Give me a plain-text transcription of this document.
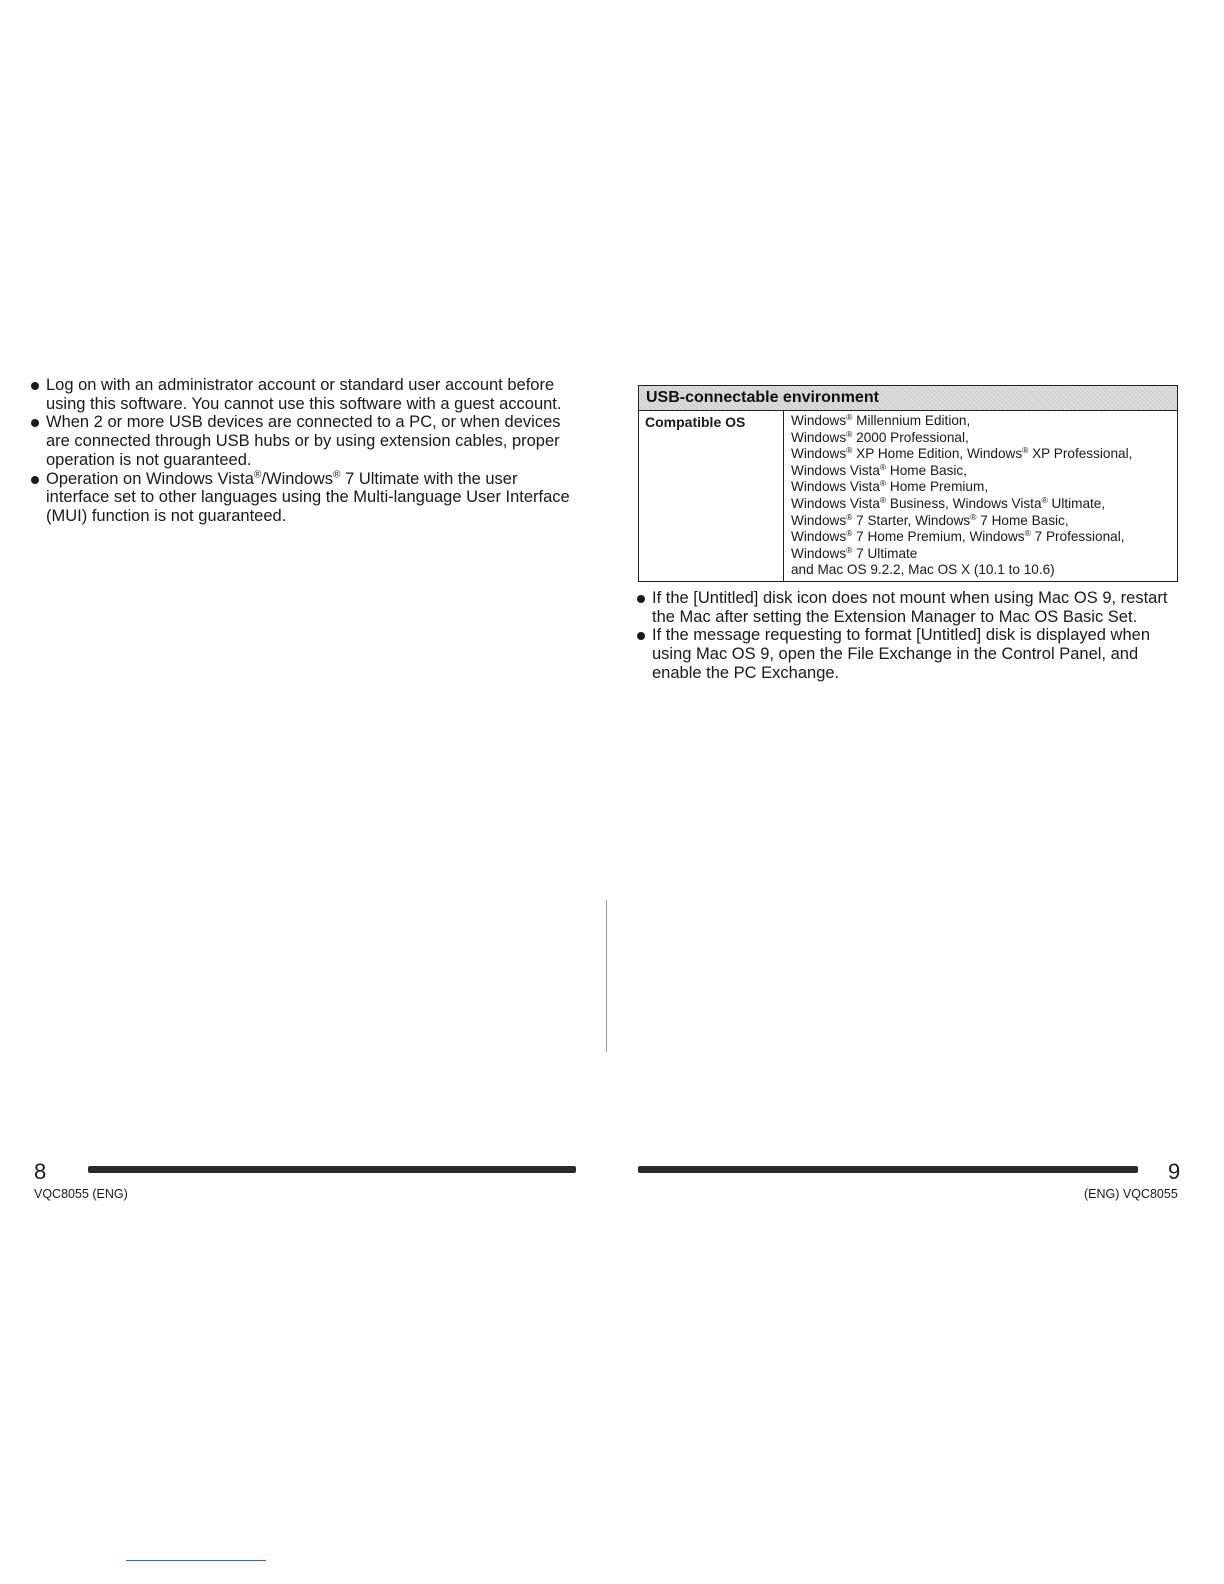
Log on with an administrator account or standard user account before using this software. You cannot use this software with a guest account.
When 2 or more USB devices are connected to a PC, or when devices are connected through USB hubs or by using extension cables, proper operation is not guaranteed.
Operation on Windows Vista®/Windows® 7 Ultimate with the user interface set to other languages using the Multi-language User Interface (MUI) function is not guaranteed.
8
VQC8055 (ENG)
USB-connectable environment
Compatible OS	Windows® Millennium Edition,
Windows® 2000 Professional,
Windows® XP Home Edition, Windows® XP Professional,
Windows Vista® Home Basic,
Windows Vista® Home Premium,
Windows Vista® Business, Windows Vista® Ultimate,
Windows® 7 Starter, Windows® 7 Home Basic,
Windows® 7 Home Premium, Windows® 7 Professional,
Windows® 7 Ultimate
and Mac OS 9.2.2, Mac OS X (10.1 to 10.6)
If the [Untitled] disk icon does not mount when using Mac OS 9, restart the Mac after setting the Extension Manager to Mac OS Basic Set.
If the message requesting to format [Untitled] disk is displayed when using Mac OS 9, open the File Exchange in the Control Panel, and enable the PC Exchange.
9
(ENG) VQC8055
